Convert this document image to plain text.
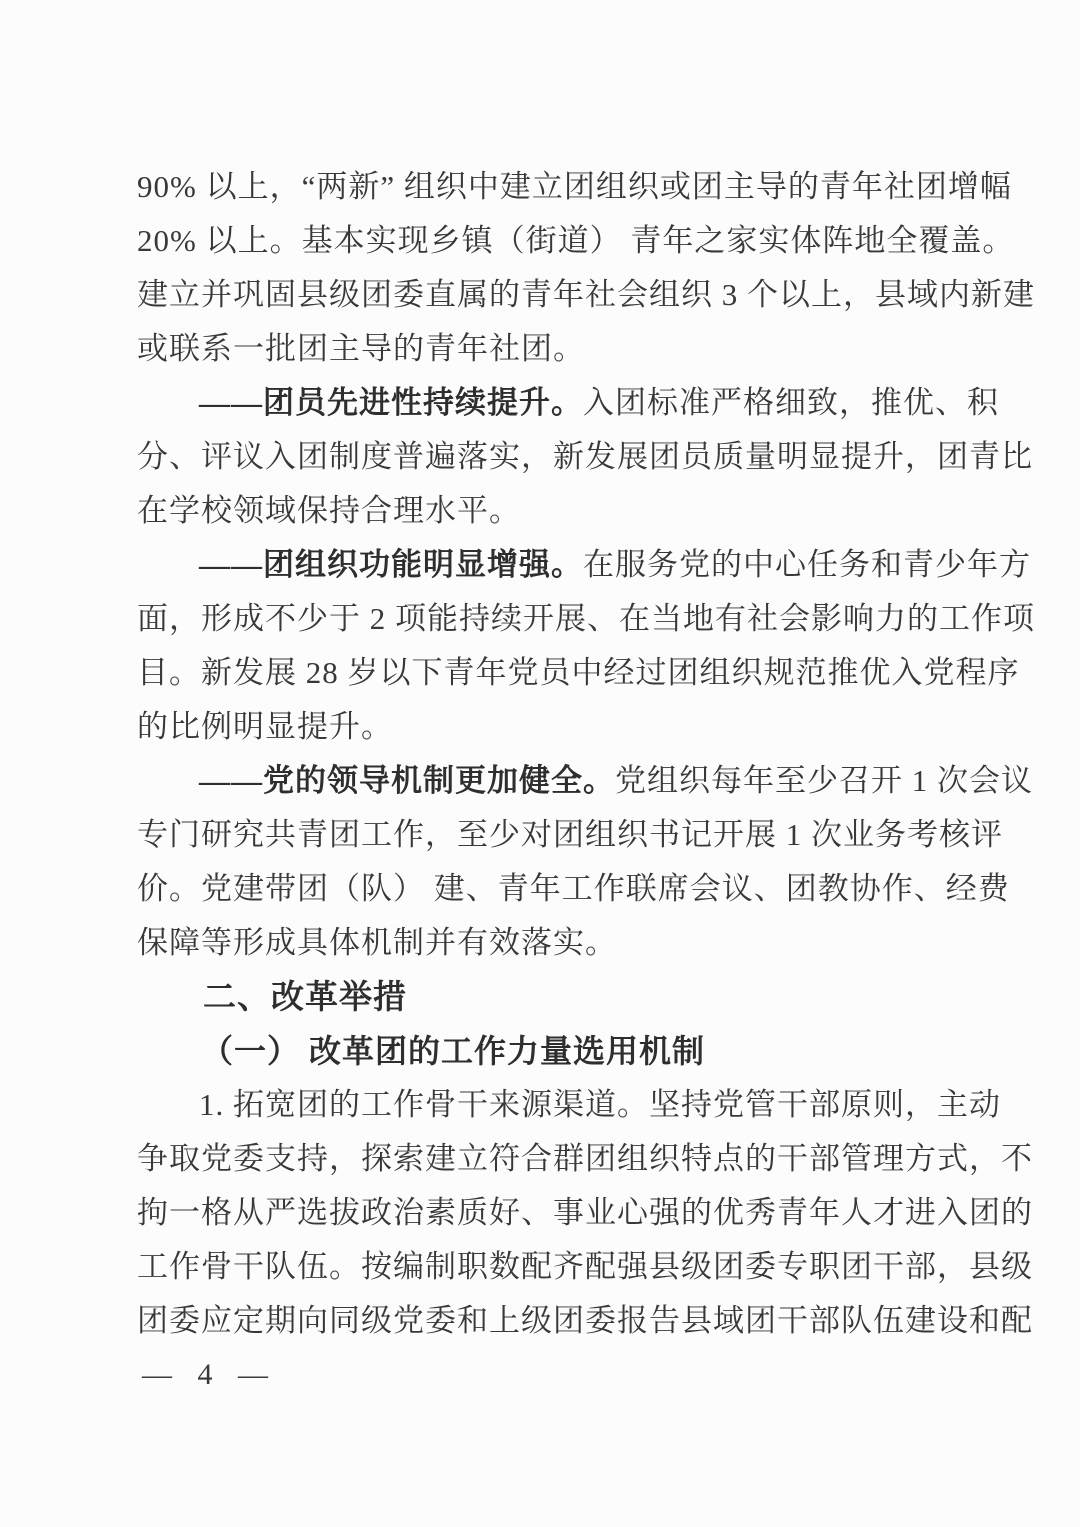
90% 以上，“两新” 组织中建立团组织或团主导的青年社团增幅
20% 以上。基本实现乡镇（街道） 青年之家实体阵地全覆盖。
建立并巩固县级团委直属的青年社会组织 3 个以上，县域内新建
或联系一批团主导的青年社团。
——团员先进性持续提升。入团标准严格细致，推优、积
分、评议入团制度普遍落实，新发展团员质量明显提升，团青比
在学校领域保持合理水平。
——团组织功能明显增强。在服务党的中心任务和青少年方
面，形成不少于 2 项能持续开展、在当地有社会影响力的工作项
目。新发展 28 岁以下青年党员中经过团组织规范推优入党程序
的比例明显提升。
——党的领导机制更加健全。党组织每年至少召开 1 次会议
专门研究共青团工作，至少对团组织书记开展 1 次业务考核评
价。党建带团（队） 建、青年工作联席会议、团教协作、经费
保障等形成具体机制并有效落实。
二、改革举措
（一） 改革团的工作力量选用机制
1. 拓宽团的工作骨干来源渠道。坚持党管干部原则，主动
争取党委支持，探索建立符合群团组织特点的干部管理方式，不
拘一格从严选拔政治素质好、事业心强的优秀青年人才进入团的
工作骨干队伍。按编制职数配齐配强县级团委专职团干部，县级
团委应定期向同级党委和上级团委报告县域团干部队伍建设和配
— 4 —
